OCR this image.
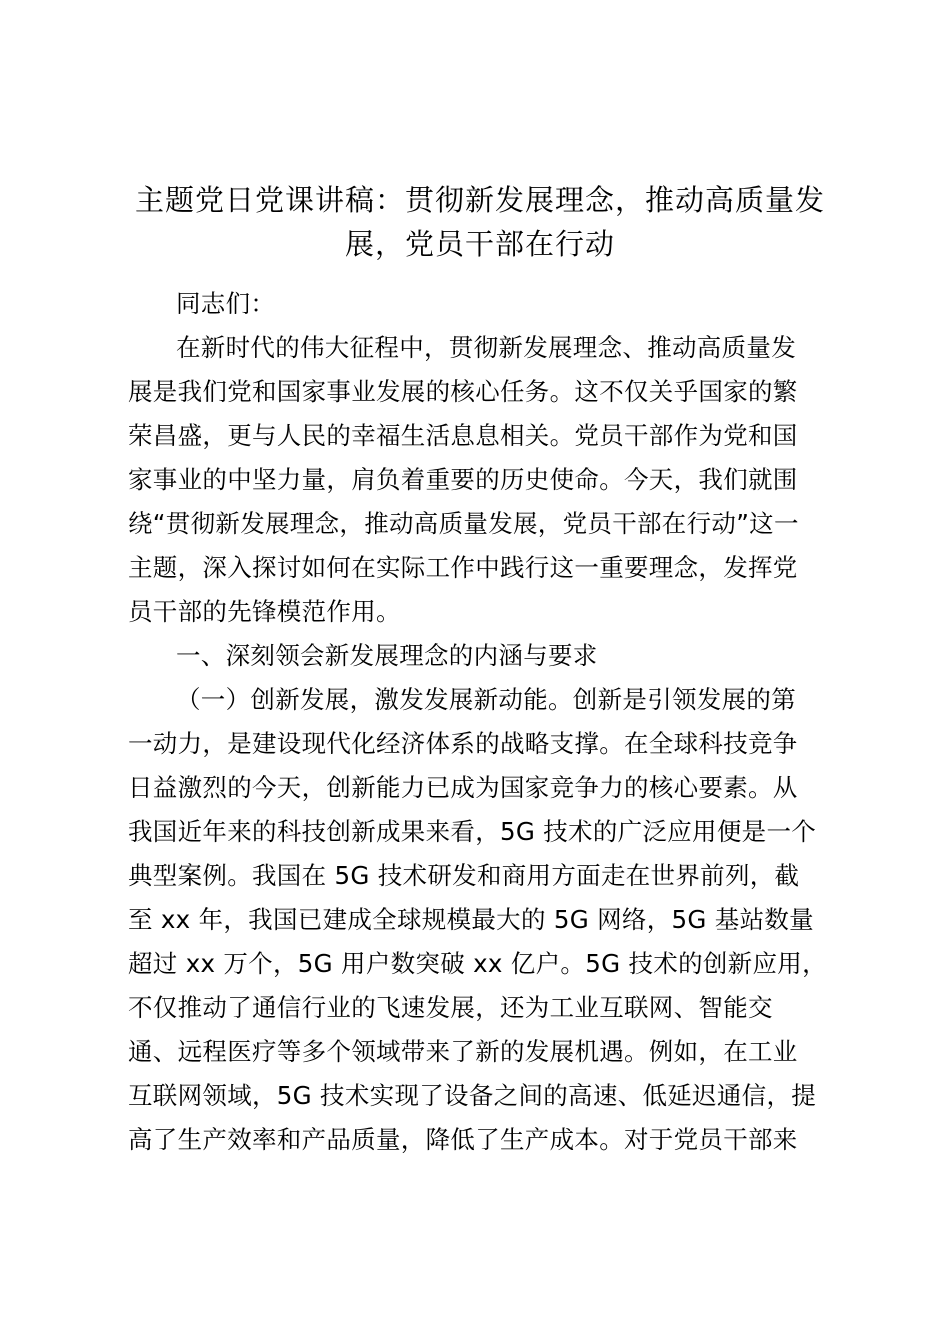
主题党日党课讲稿：贯彻新发展理念，推动高质量发
展，党员干部在行动
同志们：
在新时代的伟大征程中，贯彻新发展理念、推动高质量发
展是我们党和国家事业发展的核心任务。这不仅关乎国家的繁
荣昌盛，更与人民的幸福生活息息相关。党员干部作为党和国
家事业的中坚力量，肩负着重要的历史使命。今天，我们就围
绕“贯彻新发展理念，推动高质量发展，党员干部在行动”这一
主题，深入探讨如何在实际工作中践行这一重要理念，发挥党
员干部的先锋模范作用。
一、深刻领会新发展理念的内涵与要求
（一）创新发展，激发发展新动能。创新是引领发展的第
一动力，是建设现代化经济体系的战略支撑。在全球科技竞争
日益激烈的今天，创新能力已成为国家竞争力的核心要素。从
我国近年来的科技创新成果来看，5G 技术的广泛应用便是一个
典型案例。我国在 5G 技术研发和商用方面走在世界前列，截
至 xx 年，我国已建成全球规模最大的 5G 网络，5G 基站数量
超过 xx 万个，5G 用户数突破 xx 亿户。5G 技术的创新应用，
不仅推动了通信行业的飞速发展，还为工业互联网、智能交
通、远程医疗等多个领域带来了新的发展机遇。例如，在工业
互联网领域，5G 技术实现了设备之间的高速、低延迟通信，提
高了生产效率和产品质量，降低了生产成本。对于党员干部来
